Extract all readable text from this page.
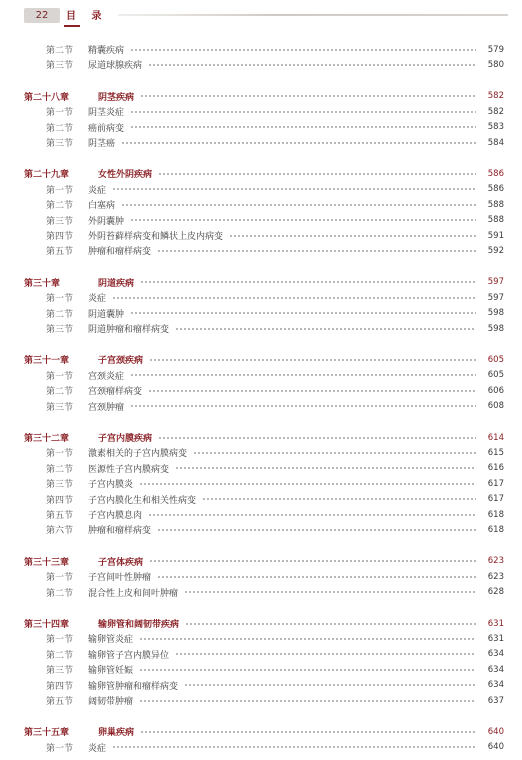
22	目 录
第二节	精囊疾病	579
第三节	尿道球腺疾病	580
第二十八章	阴茎疾病	582
第一节	阴茎炎症	582
第二节	癌前病变	583
第三节	阴茎癌	584
第二十九章	女性外阴疾病	586
第一节	炎症	586
第二节	白塞病	588
第三节	外阴囊肿	588
第四节	外阴苔藓样病变和鳞状上皮内病变	591
第五节	肿瘤和瘤样病变	592
第三十章	阴道疾病	597
第一节	炎症	597
第二节	阴道囊肿	598
第三节	阴道肿瘤和瘤样病变	598
第三十一章	子宫颈疾病	605
第一节	宫颈炎症	605
第二节	宫颈瘤样病变	606
第三节	宫颈肿瘤	608
第三十二章	子宫内膜疾病	614
第一节	激素相关的子宫内膜病变	615
第二节	医源性子宫内膜病变	616
第三节	子宫内膜炎	617
第四节	子宫内膜化生和相关性病变	617
第五节	子宫内膜息肉	618
第六节	肿瘤和瘤样病变	618
第三十三章	子宫体疾病	623
第一节	子宫间叶性肿瘤	623
第二节	混合性上皮和间叶肿瘤	628
第三十四章	输卵管和阔韧带疾病	631
第一节	输卵管炎症	631
第二节	输卵管子宫内膜异位	634
第三节	输卵管妊娠	634
第四节	输卵管肿瘤和瘤样病变	634
第五节	阔韧带肿瘤	637
第三十五章	卵巢疾病	640
第一节	炎症	640
